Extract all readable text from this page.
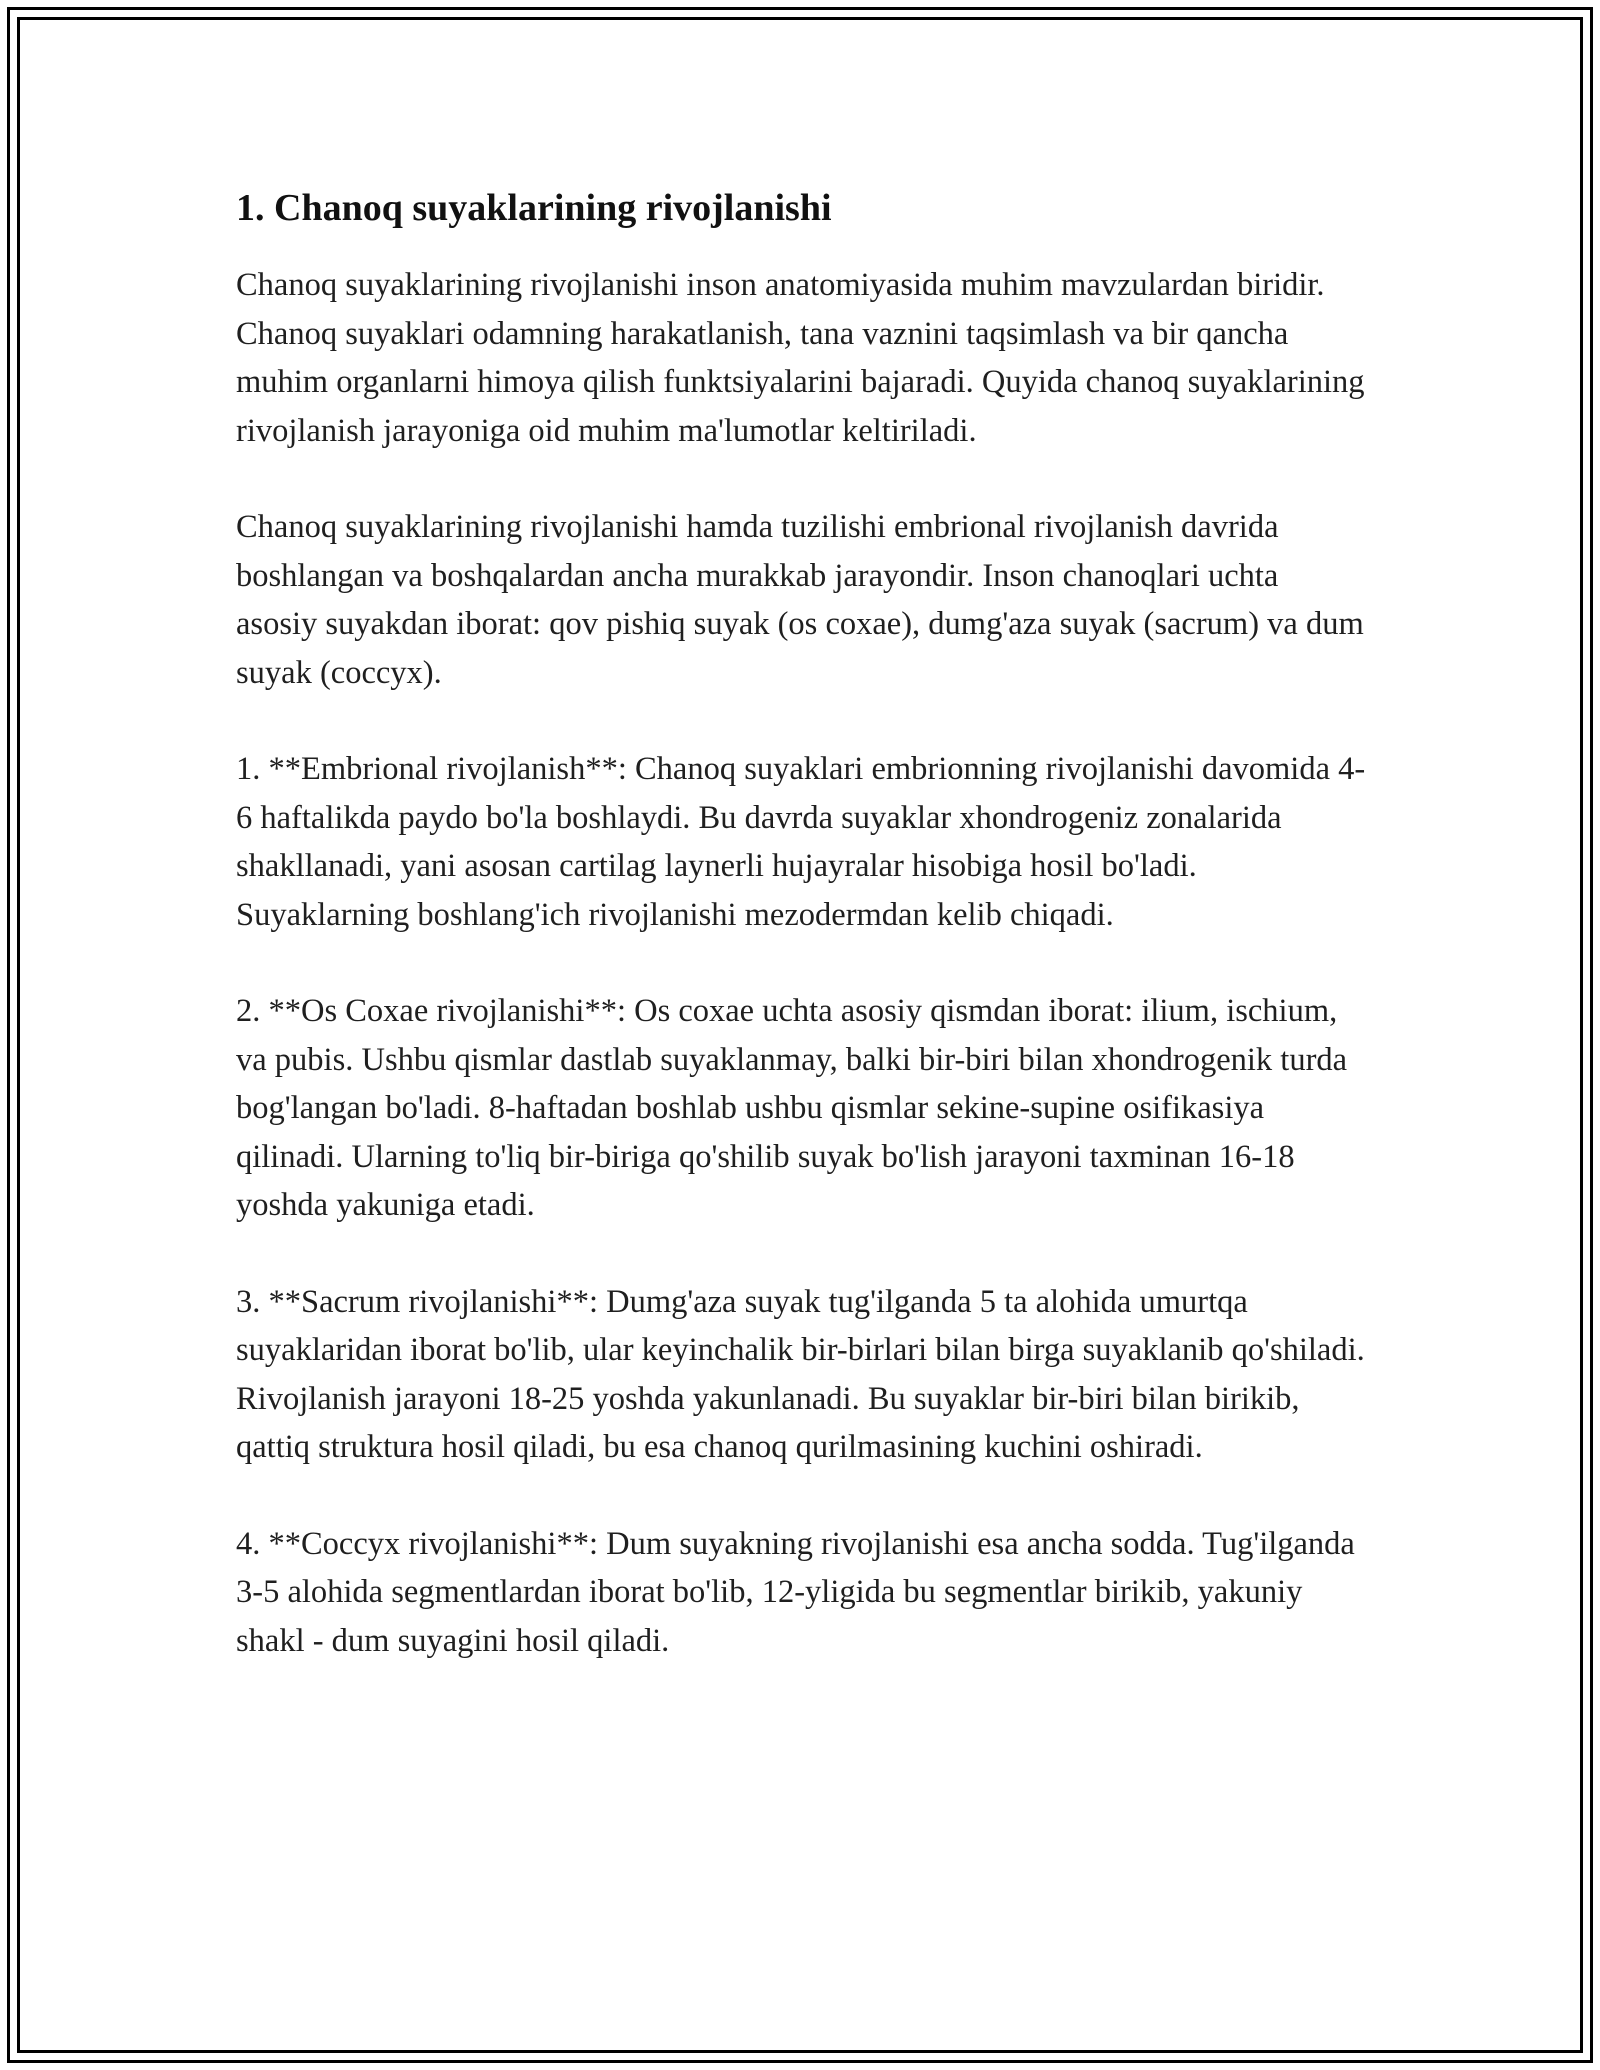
1. Chanoq suyaklarining rivojlanishi

Chanoq suyaklarining rivojlanishi inson anatomiyasida muhim mavzulardan biridir. Chanoq suyaklari odamning harakatlanish, tana vaznini taqsimlash va bir qancha muhim organlarni himoya qilish funktsiyalarini bajaradi. Quyida chanoq suyaklarining rivojlanish jarayoniga oid muhim ma'lumotlar keltiriladi.

Chanoq suyaklarining rivojlanishi hamda tuzilishi embrional rivojlanish davrida boshlangan va boshqalardan ancha murakkab jarayondir. Inson chanoqlari uchta asosiy suyakdan iborat: qov pishiq suyak (os coxae), dumg'aza suyak (sacrum) va dum suyak (coccyx).

1. **Embrional rivojlanish**: Chanoq suyaklari embrionning rivojlanishi davomida 4-6 haftalikda paydo bo'la boshlaydi. Bu davrda suyaklar xhondrogeniz zonalarida shakllanadi, yani asosan cartilag laynerli hujayralar hisobiga hosil bo'ladi. Suyaklarning boshlang'ich rivojlanishi mezodermdan kelib chiqadi.

2. **Os Coxae rivojlanishi**: Os coxae uchta asosiy qismdan iborat: ilium, ischium, va pubis. Ushbu qismlar dastlab suyaklanmay, balki bir-biri bilan xhondrogenik turda bog'langan bo'ladi. 8-haftadan boshlab ushbu qismlar sekine-supine osifikasiya qilinadi. Ularning to'liq bir-biriga qo'shilib suyak bo'lish jarayoni taxminan 16-18 yoshda yakuniga etadi.

3. **Sacrum rivojlanishi**: Dumg'aza suyak tug'ilganda 5 ta alohida umurtqa suyaklaridan iborat bo'lib, ular keyinchalik bir-birlari bilan birga suyaklanib qo'shiladi. Rivojlanish jarayoni 18-25 yoshda yakunlanadi. Bu suyaklar bir-biri bilan birikib, qattiq struktura hosil qiladi, bu esa chanoq qurilmasining kuchini oshiradi.

4. **Coccyx rivojlanishi**: Dum suyakning rivojlanishi esa ancha sodda. Tug'ilganda 3-5 alohida segmentlardan iborat bo'lib, 12-yligida bu segmentlar birikib, yakuniy shakl - dum suyagini hosil qiladi.
